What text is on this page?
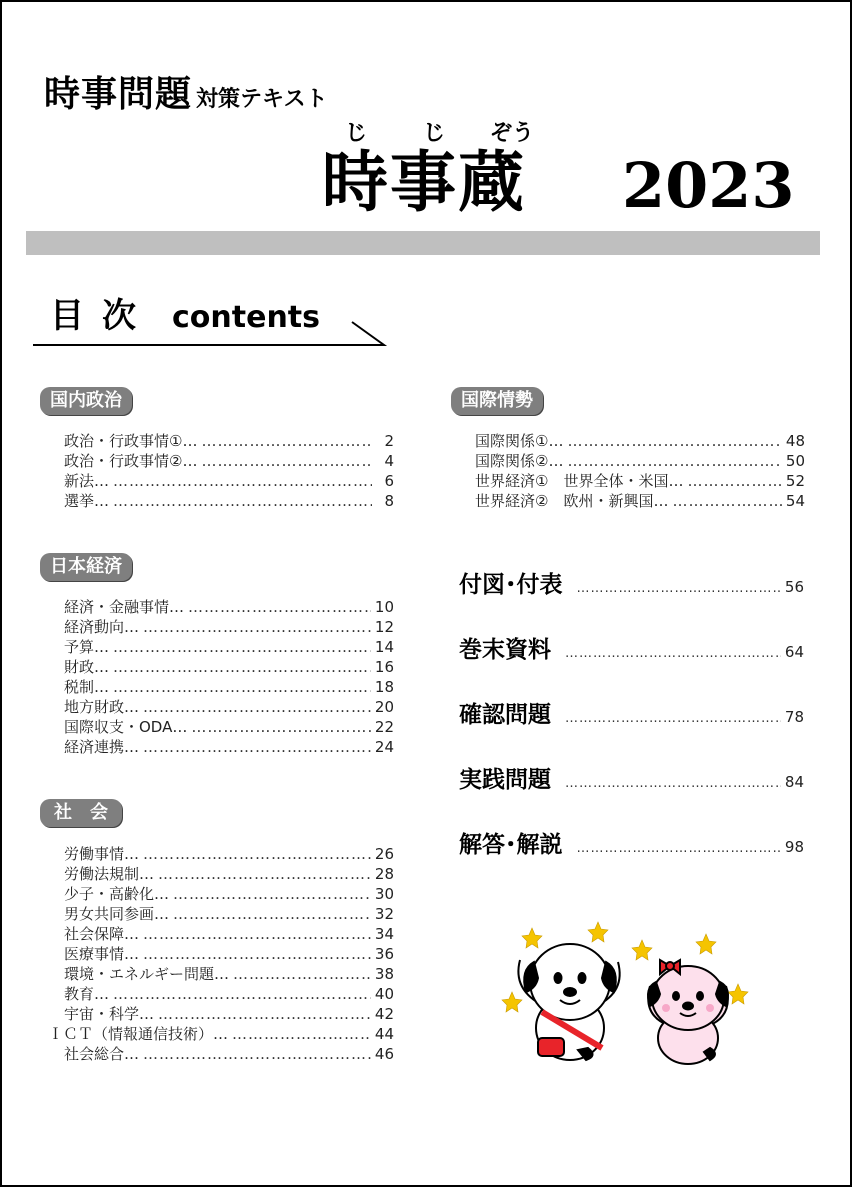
時事問題 対策テキスト
じ	じ ぞう
時事蔵 2023
目次 contents
国内政治
政治・行政事情①… ……………………………………………………………………………………………………………………	2
政治・行政事情②… ……………………………………………………………………………………………………………………	4
新法… ……………………………………………………………………………………………………………………	6
選挙… ……………………………………………………………………………………………………………………	8
日本経済
経済・金融事情… ……………………………………………………………………………………………………………………	10
経済動向… ……………………………………………………………………………………………………………………	12
予算… ……………………………………………………………………………………………………………………	14
財政… ……………………………………………………………………………………………………………………	16
税制… ……………………………………………………………………………………………………………………	18
地方財政… ……………………………………………………………………………………………………………………	20
国際収支・ODA… ……………………………………………………………………………………………………………………	22
経済連携… ……………………………………………………………………………………………………………………	24
社　会
労働事情… ……………………………………………………………………………………………………………………	26
労働法規制… ……………………………………………………………………………………………………………………	28
少子・高齢化… ……………………………………………………………………………………………………………………	30
男女共同参画… ……………………………………………………………………………………………………………………	32
社会保障… ……………………………………………………………………………………………………………………	34
医療事情… ……………………………………………………………………………………………………………………	36
環境・エネルギー問題… ……………………………………………………………………………………………………………………	38
教育… ……………………………………………………………………………………………………………………	40
宇宙・科学… ……………………………………………………………………………………………………………………	42
ＩＣＴ（情報通信技術）… ……………………………………………………………………………………………………………………	44
社会総合… ……………………………………………………………………………………………………………………	46
国際情勢
国際関係①… ……………………………………………………………………………………………………………………	48
国際関係②… ……………………………………………………………………………………………………………………	50
世界経済①　世界全体・米国… ……………………………………………………………………………………………………………………	52
世界経済②　欧州・新興国… ……………………………………………………………………………………………………………………	54
付図･付表 ……………………………………………………………………………………………………………………	56
巻末資料 ……………………………………………………………………………………………………………………	64
確認問題 ……………………………………………………………………………………………………………………	78
実践問題 ……………………………………………………………………………………………………………………	84
解答･解説 ……………………………………………………………………………………………………………………	98
